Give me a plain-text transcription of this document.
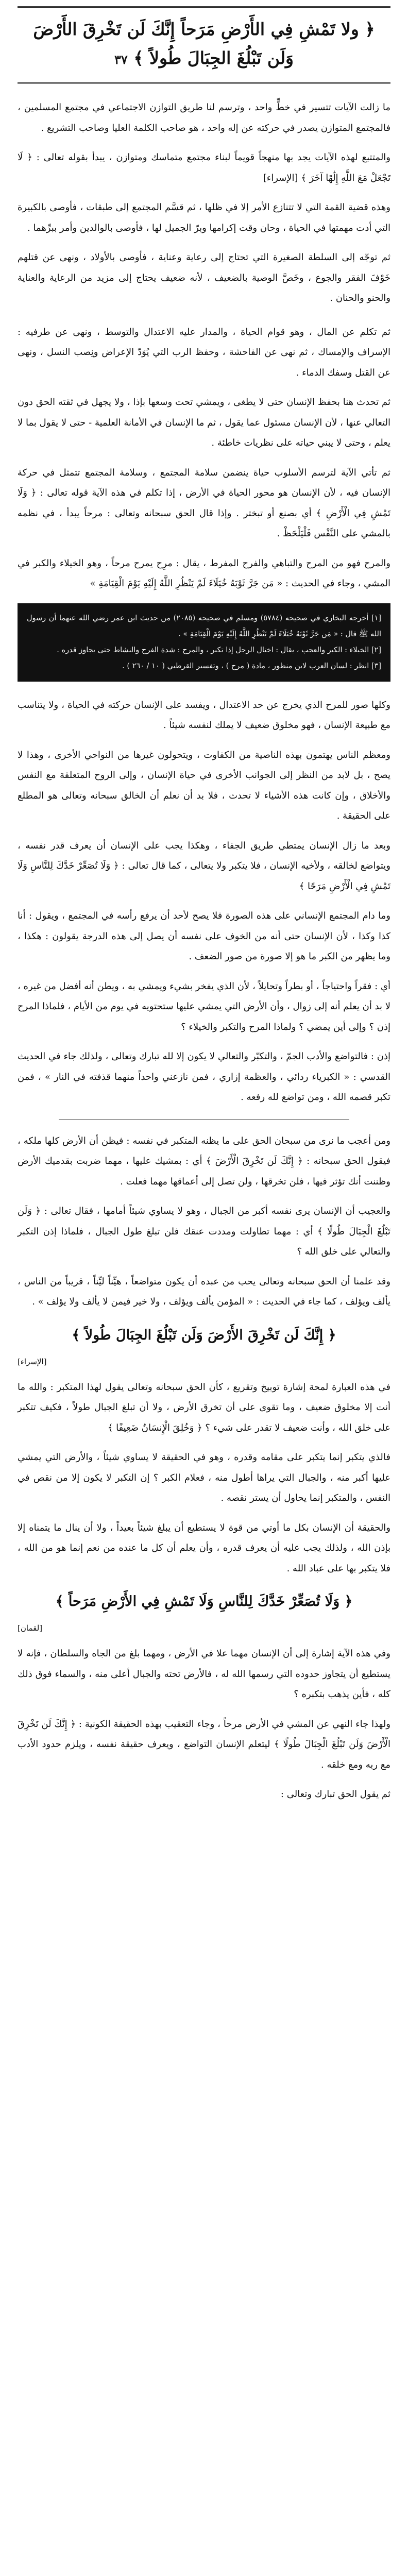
﴿ ولا تَمْشِ فِي الأَرْضِ مَرَحاً إِنَّكَ لَن تَخْرِقَ الأَرْضَ
وَلَن تَبْلُغَ الجِبَالَ طُولاً ﴾ ٣٧

ما زالت الآيات تتسير في خطٍّ واحد ، وترسم لنا طريق التوازن الاجتماعي في مجتمع المسلمين ، فالمجتمع المتوازن يصدر في حركته عن إله واحد ، هو صاحب الكلمة العليا وصاحب التشريع .

والمتتبع لهذه الآيات يجد بها منهجاً قويماً لبناء مجتمع متماسك ومتوازن ، يبدأ بقوله تعالى : ﴿ لَا تَجْعَلْ مَعَ اللَّهِ إِلَٰهًا آخَرَ ﴾ [الإسراء]

وهذه قضية القمة التي لا تتنازع الأمر إلا في ظلها ، ثم قسَّم المجتمع إلى طبقات ، فأوصى بالكبيرة التي أدت مهمتها في الحياة ، وحان وقت إكرامها وبرّ الجميل لها ، فأوصى بالوالدين وأمر ببرِّهما .

ثم توجّه إلى السلطة الصغيرة التي تحتاج إلى رعاية وعناية ، فأوصى بالأولاد ، ونهى عن قتلهم خَوْفَ الفقر والجوع ، وخَصَّ الوصية بالضعيف ، لأنه ضعيف يحتاج إلى مزيد من الرعاية والعناية والحنو والحنان .

ثم تكلم عن المال ، وهو قوام الحياة ، والمدار عليه الاعتدال والتوسط ، ونهى عن طرفيه : الإسراف والإمساك ، ثم نهى عن الفاحشة ، وحفظ الرب التي يُوَدّ الإعراض ونِصب النسل ، ونهى عن القتل وسفك الدماء .

ثم تحدث هنا بحفظ الإنسان حتى لا يطغى ، ويمشي تحت وسعها بإذا ، ولا يجهل في ثقته الحق دون التعالي عنها ، لأن الإنسان مسئول عما يقول ، ثم ما الإنسان في الأمانة العلمية - حتى لا يقول بما لا يعلم ، وحتى لا يبني حياته على نظريات خاطئة .

ثم تأتي الآية لترسم الأسلوب حياة ينضمن سلامة المجتمع ، وسلامة المجتمع تتمثل في حركة الإنسان فيه ، لأن الإنسان هو محور الحياة في الأرض ، إذا تكلم في هذه الآية قوله تعالى : ﴿ وَلَا تَمْشِ فِي الْأَرْضِ ﴾ أي بصنع أو تبختر . وإذا قال الحق سبحانه وتعالى : مرحاً يبدأ ، في نظمه بالمشي على النَّفْس فَلْيَلْحَظْ .

والمرح فهو من المرح والتباهي والفرح المفرط ، يقال : مرِح يمرح مرحاً ، وهو الخيلاء والكبر في المشي ، وجاء في الحديث : « مَن جَرَّ ثَوْبَهُ خُيَلَاءَ لَمْ يَنْظُرِ اللَّهُ إِلَيْهِ يَوْمَ الْقِيَامَةِ »

[١] أخرجه البخاري في صحيحه (٥٧٨٤) ومسلم في صحيحه (٢٠٨٥) من حديث ابن عمر رضي الله عنهما أن رسول الله ﷺ قال : « مَن جَرَّ ثَوْبَهُ خُيَلَاءَ لَمْ يَنْظُرِ اللَّهُ إِلَيْهِ يَوْمَ الْقِيَامَةِ » .
[٢] الخيلاء : الكبر والعجب ، يقال : اختال الرجل إذا تكبر ، والمرح : شدة الفرح والنشاط حتى يجاوز قدره .
[٣] انظر : لسان العرب لابن منظور ، مادة ( مرح ) ، وتفسير القرطبي ( ١٠ / ٢٦٠ ) .

وكلها صور للمرح الذي يخرج عن حد الاعتدال ، ويفسد على الإنسان حركته في الحياة ، ولا يتناسب مع طبيعة الإنسان ، فهو مخلوق ضعيف لا يملك لنفسه شيئاً .

ومعظم الناس يهتمون بهذه الناصية من الكفاوت ، ويتحولون غيرها من النواحي الأخرى ، وهذا لا يصح ، بل لابد من النظر إلى الجوانب الأخرى في حياة الإنسان ، وإلى الروح المتعلقة مع النفس والأخلاق ، وإن كانت هذه الأشياء لا تحدث ، فلا بد أن نعلم أن الخالق سبحانه وتعالى هو المطلع على الحقيقة .

وبعد ما زال الإنسان يمتطي طريق الجفاء ، وهكذا يجب على الإنسان أن يعرف قدر نفسه ، ويتواضع لخالقه ، ولأخيه الإنسان ، فلا يتكبر ولا يتعالى ، كما قال تعالى : ﴿ وَلَا تُصَعِّرْ خَدَّكَ لِلنَّاسِ وَلَا تَمْشِ فِي الْأَرْضِ مَرَحًا ﴾

وما دام المجتمع الإنساني على هذه الصورة فلا يصح لأحد أن يرفع رأسه في المجتمع ، ويقول : أنا كذا وكذا ، لأن الإنسان حتى أنه من الخوف على نفسه أن يصل إلى هذه الدرجة يقولون : هكذا ، وما يظهر من الكبر ما هو إلا صورة من صور الضعف .

أي : فقراً واحتياجاً ، أو بطراً وتحايلاً ، لأن الذي يفخر بشيء ويمشي به ، ويطن أنه أفضل من غيره ، لا بد أن يعلم أنه إلى زوال ، وأن الأرض التي يمشي عليها ستحتويه في يوم من الأيام ، فلماذا المرح إذن ؟ وإلى أين يمضي ؟ ولماذا المرح والتكبر والخيلاء ؟

إذن : فالتواضع والأدب الجمّ ، والتكبّر والتعالي لا يكون إلا لله تبارك وتعالى ، ولذلك جاء في الحديث القدسي : « الكبرياء ردائي ، والعظمة إزاري ، فمن نازعني واحداً منهما قذفته في النار » ، فمن تكبر قصمه الله ، ومن تواضع لله رفعه .

ومن أعجب ما نرى من سبحان الحق على ما يظنه المتكبر في نفسه : فيظن أن الأرض كلها ملكه ، فيقول الحق سبحانه : ﴿ إِنَّكَ لَن تَخْرِقَ الْأَرْضَ ﴾ أي : بمشيك عليها ، مهما ضربت بقدميك الأرض وظننت أنك تؤثر فيها ، فلن تخرقها ، ولن تصل إلى أعماقها مهما فعلت .

والعجيب أن الإنسان يرى نفسه أكبر من الجبال ، وهو لا يساوي شيئاً أمامها ، فقال تعالى : ﴿ وَلَن تَبْلُغَ الْجِبَالَ طُولًا ﴾ أي : مهما تطاولت ومددت عنقك فلن تبلغ طول الجبال ، فلماذا إذن التكبر والتعالي على خلق الله ؟

وقد علمنا أن الحق سبحانه وتعالى يحب من عبده أن يكون متواضعاً ، هيِّناً ليِّناً ، قريباً من الناس ، يألف ويؤلف ، كما جاء في الحديث : « المؤمن يألف ويؤلف ، ولا خير فيمن لا يألف ولا يؤلف » .

﴿ إِنَّكَ لَن تَخْرِقَ الأَرْضَ وَلَن تَبْلُغَ الجِبَالَ طُولاً ﴾
[الإسراء]

في هذه العبارة لمحة إشارة توبيخ وتقريع ، كأن الحق سبحانه وتعالى يقول لهذا المتكبر : والله ما أنت إلا مخلوق ضعيف ، وما تقوى على أن تخرق الأرض ، ولا أن تبلغ الجبال طولاً ، فكيف تتكبر على خلق الله ، وأنت ضعيف لا تقدر على شيء ؟ ﴿ وَخُلِقَ الْإِنسَانُ ضَعِيفًا ﴾

فالذي يتكبر إنما يتكبر على مقامه وقدره ، وهو في الحقيقة لا يساوي شيئاً ، والأرض التي يمشي عليها أكبر منه ، والجبال التي يراها أطول منه ، فعلام الكبر ؟ إن التكبر لا يكون إلا من نقص في النفس ، والمتكبر إنما يحاول أن يستر نقصه .

والحقيقة أن الإنسان بكل ما أوتي من قوة لا يستطيع أن يبلغ شيئاً بعيداً ، ولا أن ينال ما يتمناه إلا بإذن الله ، ولذلك يجب عليه أن يعرف قدره ، وأن يعلم أن كل ما عنده من نعم إنما هو من الله ، فلا يتكبر بها على عباد الله .

﴿ وَلَا تُصَعِّرْ خَدَّكَ لِلنَّاسِ وَلَا تَمْشِ فِي الأَرْضِ مَرَحاً ﴾
[لقمان]

وفي هذه الآية إشارة إلى أن الإنسان مهما علا في الأرض ، ومهما بلغ من الجاه والسلطان ، فإنه لا يستطيع أن يتجاوز حدوده التي رسمها الله له ، فالأرض تحته والجبال أعلى منه ، والسماء فوق ذلك كله ، فأين يذهب بتكبره ؟

ولهذا جاء النهي عن المشي في الأرض مرحاً ، وجاء التعقيب بهذه الحقيقة الكونية : ﴿ إِنَّكَ لَن تَخْرِقَ الْأَرْضَ وَلَن تَبْلُغَ الْجِبَالَ طُولًا ﴾ ليتعلم الإنسان التواضع ، ويعرف حقيقة نفسه ، ويلزم حدود الأدب مع ربه ومع خلقه .

ثم يقول الحق تبارك وتعالى :
